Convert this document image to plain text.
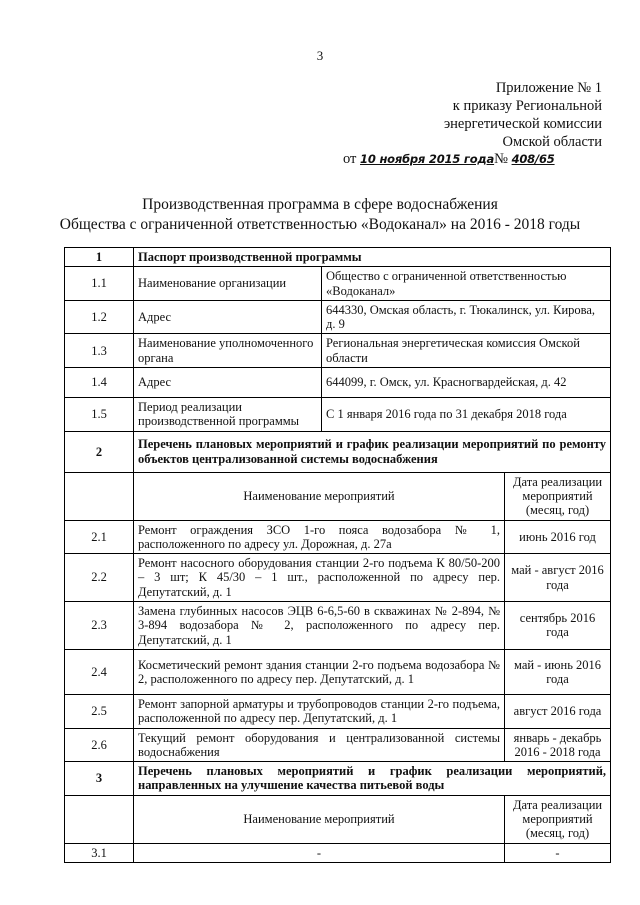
3
Приложение № 1
к приказу Региональной
энергетической комиссии
Омской области
от 10 ноября 2015 года№ 408/65
Производственная программа в сфере водоснабжения
Общества с ограниченной ответственностью «Водоканал» на 2016 - 2018 годы
1	Паспорт производственной программы		
1.1	Наименование организации	Общество с ограниченной ответственностью «Водоканал»	
1.2	Адрес	644330, Омская область, г. Тюкалинск, ул. Кирова, д. 9	
1.3	Наименование уполномоченного органа	Региональная энергетическая комиссия Омской области	
1.4	Адрес	644099, г. Омск, ул. Красногвардейская, д. 42	
1.5	Период реализации производственной программы	С 1 января 2016 года по 31 декабря 2018 года	
2	Перечень плановых мероприятий и график реализации мероприятий по ремонту объектов централизованной системы водоснабжения		
	Наименование мероприятий		Дата реализации мероприятий (месяц, год)
2.1	Ремонт ограждения ЗСО 1-го пояса водозабора № 1, расположенного по адресу ул. Дорожная, д. 27а		июнь 2016 год
2.2	Ремонт насосного оборудования станции 2-го подъема К 80/50-200 – 3 шт; К 45/30 – 1 шт., расположенной по адресу пер. Депутатский, д. 1		май - август 2016 года
2.3	Замена глубинных насосов ЭЦВ 6-6,5-60 в скважинах № 2-894, № 3-894 водозабора № 2, расположенного по адресу пер. Депутатский, д. 1		сентябрь 2016 года
2.4	Косметический ремонт здания станции 2-го подъема водозабора № 2, расположенного по адресу пер. Депутатский, д. 1		май - июнь 2016 года
2.5	Ремонт запорной арматуры и трубопроводов станции 2-го подъема, расположенной по адресу пер. Депутатский, д. 1		август 2016 года
2.6	Текущий ремонт оборудования и централизованной системы водоснабжения		январь - декабрь 2016 - 2018 года
3	Перечень плановых мероприятий и график реализации мероприятий, направленных на улучшение качества питьевой воды		
	Наименование мероприятий		Дата реализации мероприятий (месяц, год)
3.1	-		-
